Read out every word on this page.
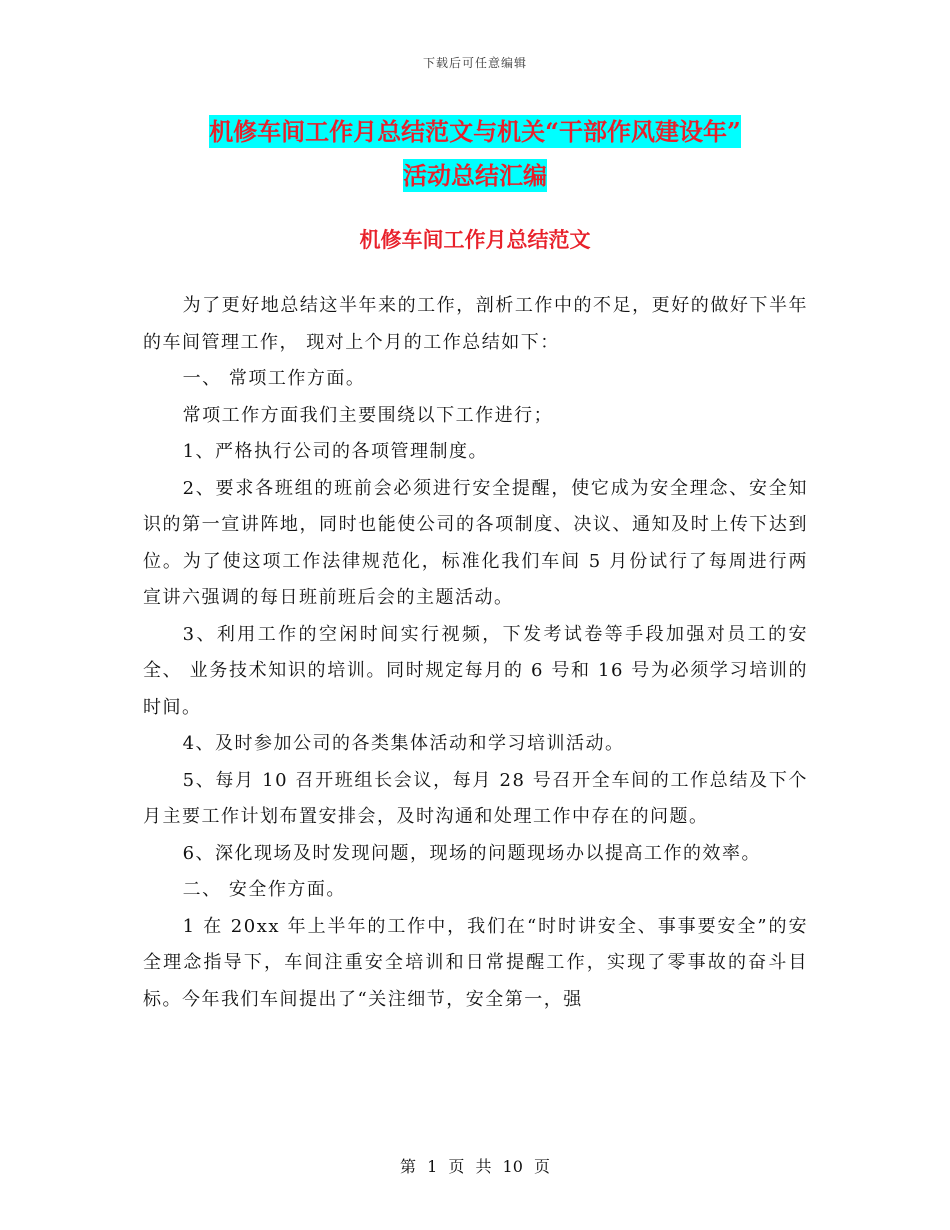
下载后可任意编辑
机修车间工作月总结范文与机关“干部作风建设年”
活动总结汇编
机修车间工作月总结范文

为了更好地总结这半年来的工作，剖析工作中的不足，更好的做好下半年的车间管理工作， 现对上个月的工作总结如下：

一、 常项工作方面。

常项工作方面我们主要围绕以下工作进行；

1、严格执行公司的各项管理制度。

2、要求各班组的班前会必须进行安全提醒，使它成为安全理念、安全知识的第一宣讲阵地，同时也能使公司的各项制度、决议、通知及时上传下达到位。为了使这项工作法律规范化，标准化我们车间 5 月份试行了每周进行两宣讲六强调的每日班前班后会的主题活动。

3、利用工作的空闲时间实行视频，下发考试卷等手段加强对员工的安全、 业务技术知识的培训。同时规定每月的 6 号和 16 号为必须学习培训的时间。

4、及时参加公司的各类集体活动和学习培训活动。

5、每月 10 召开班组长会议，每月 28 号召开全车间的工作总结及下个月主要工作计划布置安排会，及时沟通和处理工作中存在的问题。

6、深化现场及时发现问题，现场的问题现场办以提高工作的效率。

二、 安全作方面。

1 在 20xx 年上半年的工作中，我们在“时时讲安全、事事要安全”的安全理念指导下，车间注重安全培训和日常提醒工作，实现了零事故的奋斗目标。今年我们车间提出了“关注细节，安全第一，强

第 1 页 共 10 页
